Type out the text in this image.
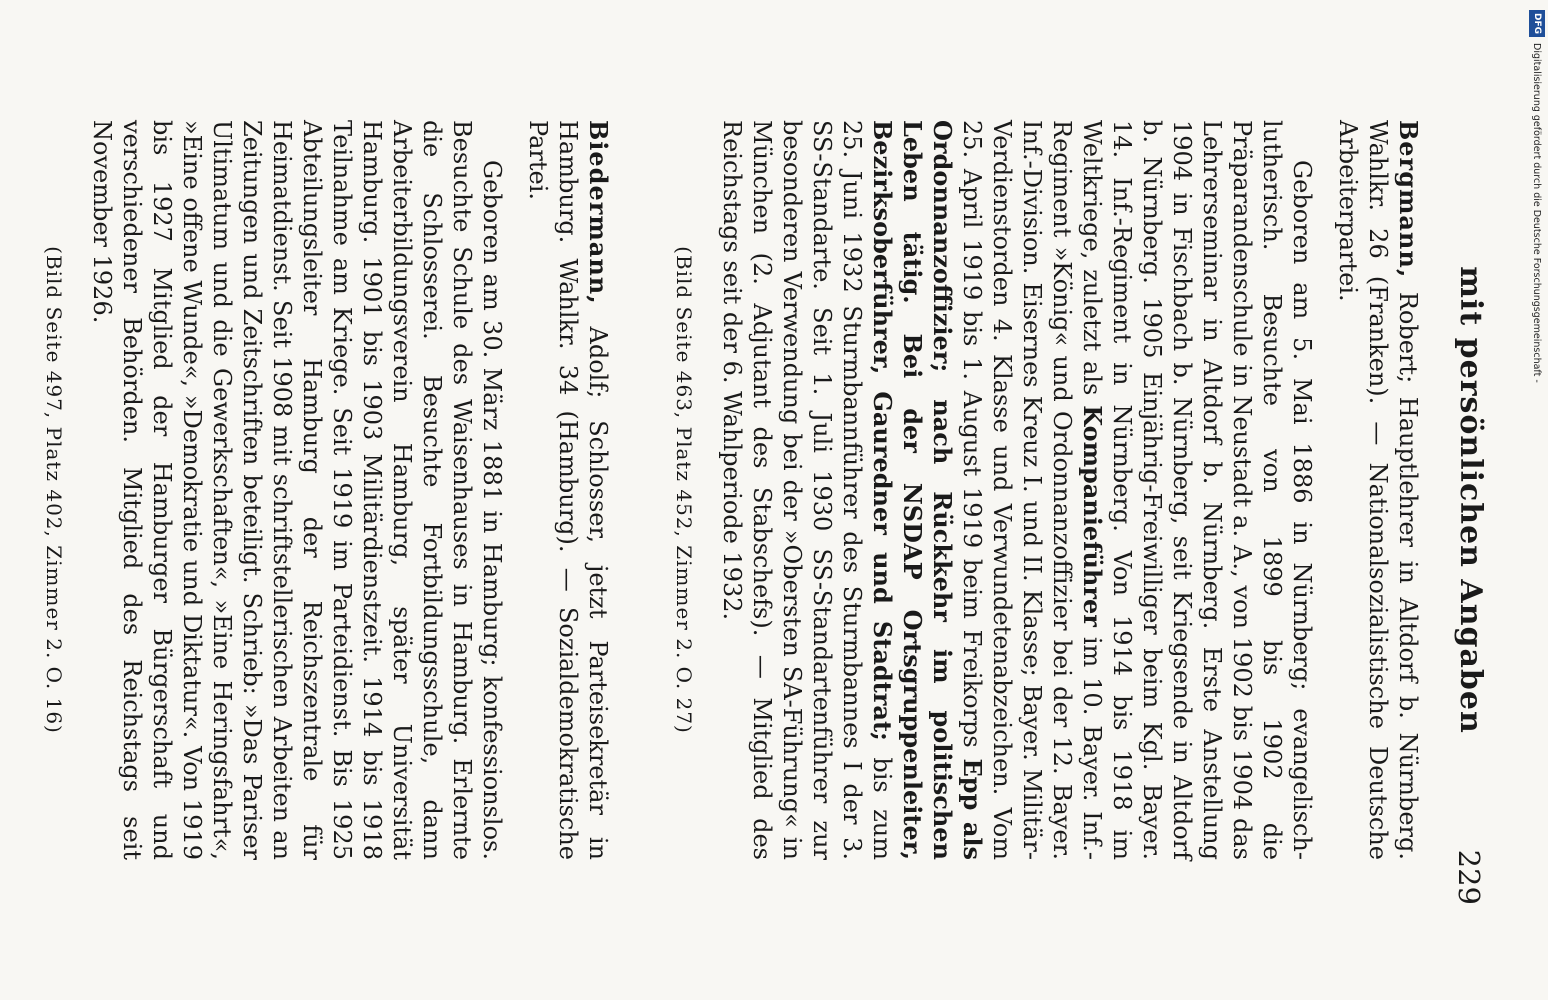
mit persönlichen Angaben
229

Bergmann, Robert; Hauptlehrer in Altdorf b. Nürnberg. Wahlkr. 26 (Franken). — Nationalsozialistische Deutsche Arbeiterpartei.

Geboren am 5. Mai 1886 in Nürnberg; evangelisch-lutherisch. Besuchte von 1899 bis 1902 die Präparandenschule in Neustadt a. A., von 1902 bis 1904 das Lehrerseminar in Altdorf b. Nürnberg. Erste Anstellung 1904 in Fischbach b. Nürnberg, seit Kriegsende in Altdorf b. Nürnberg. 1905 Einjährig-Freiwilliger beim Kgl. Bayer. 14. Inf.-Regiment in Nürnberg. Von 1914 bis 1918 im Weltkriege, zuletzt als Kompanieführer im 10. Bayer. Inf.-Regiment »König« und Ordonnanzoffizier bei der 12. Bayer. Inf.-Division. Eisernes Kreuz I. und II. Klasse; Bayer. Militär-Verdienstorden 4. Klasse und Verwundetenabzeichen. Vom 25. April 1919 bis 1. August 1919 beim Freikorps Epp als Ordonnanzoffizier; nach Rückkehr im politischen Leben tätig. Bei der NSDAP Ortsgruppenleiter, Bezirksoberführer, Gauredner und Stadtrat; bis zum 25. Juni 1932 Sturmbannführer des Sturmbannes I der 3. SS-Standarte. Seit 1. Juli 1930 SS-Standartenführer zur besonderen Verwendung bei der »Obersten SA-Führung« in München (2. Adjutant des Stabschefs). — Mitglied des Reichstags seit der 6. Wahlperiode 1932.

(Bild Seite 463, Platz 452, Zimmer 2. O. 27)

Biedermann, Adolf; Schlosser, jetzt Parteisekretär in Hamburg. Wahlkr. 34 (Hamburg). — Sozialdemokratische Partei.

Geboren am 30. März 1881 in Hamburg; konfessionslos. Besuchte Schule des Waisenhauses in Hamburg. Erlernte die Schlosserei. Besuchte Fortbildungsschule, dann Arbeiterbildungsverein Hamburg, später Universität Hamburg. 1901 bis 1903 Militärdienstzeit. 1914 bis 1918 Teilnahme am Kriege. Seit 1919 im Parteidienst. Bis 1925 Abteilungsleiter Hamburg der Reichszentrale für Heimatdienst. Seit 1908 mit schriftstellerischen Arbeiten an Zeitungen und Zeitschriften beteiligt. Schrieb: »Das Pariser Ultimatum und die Gewerkschaften«, »Eine Heringsfahrt«, »Eine offene Wunde«, »Demokratie und Diktatur«. Von 1919 bis 1927 Mitglied der Hamburger Bürgerschaft und verschiedener Behörden. Mitglied des Reichstags seit November 1926.

(Bild Seite 497, Platz 402, Zimmer 2. O. 16)
DFG
Digitalisierung gefördert durch die Deutsche Forschungsgemeinschaft -
